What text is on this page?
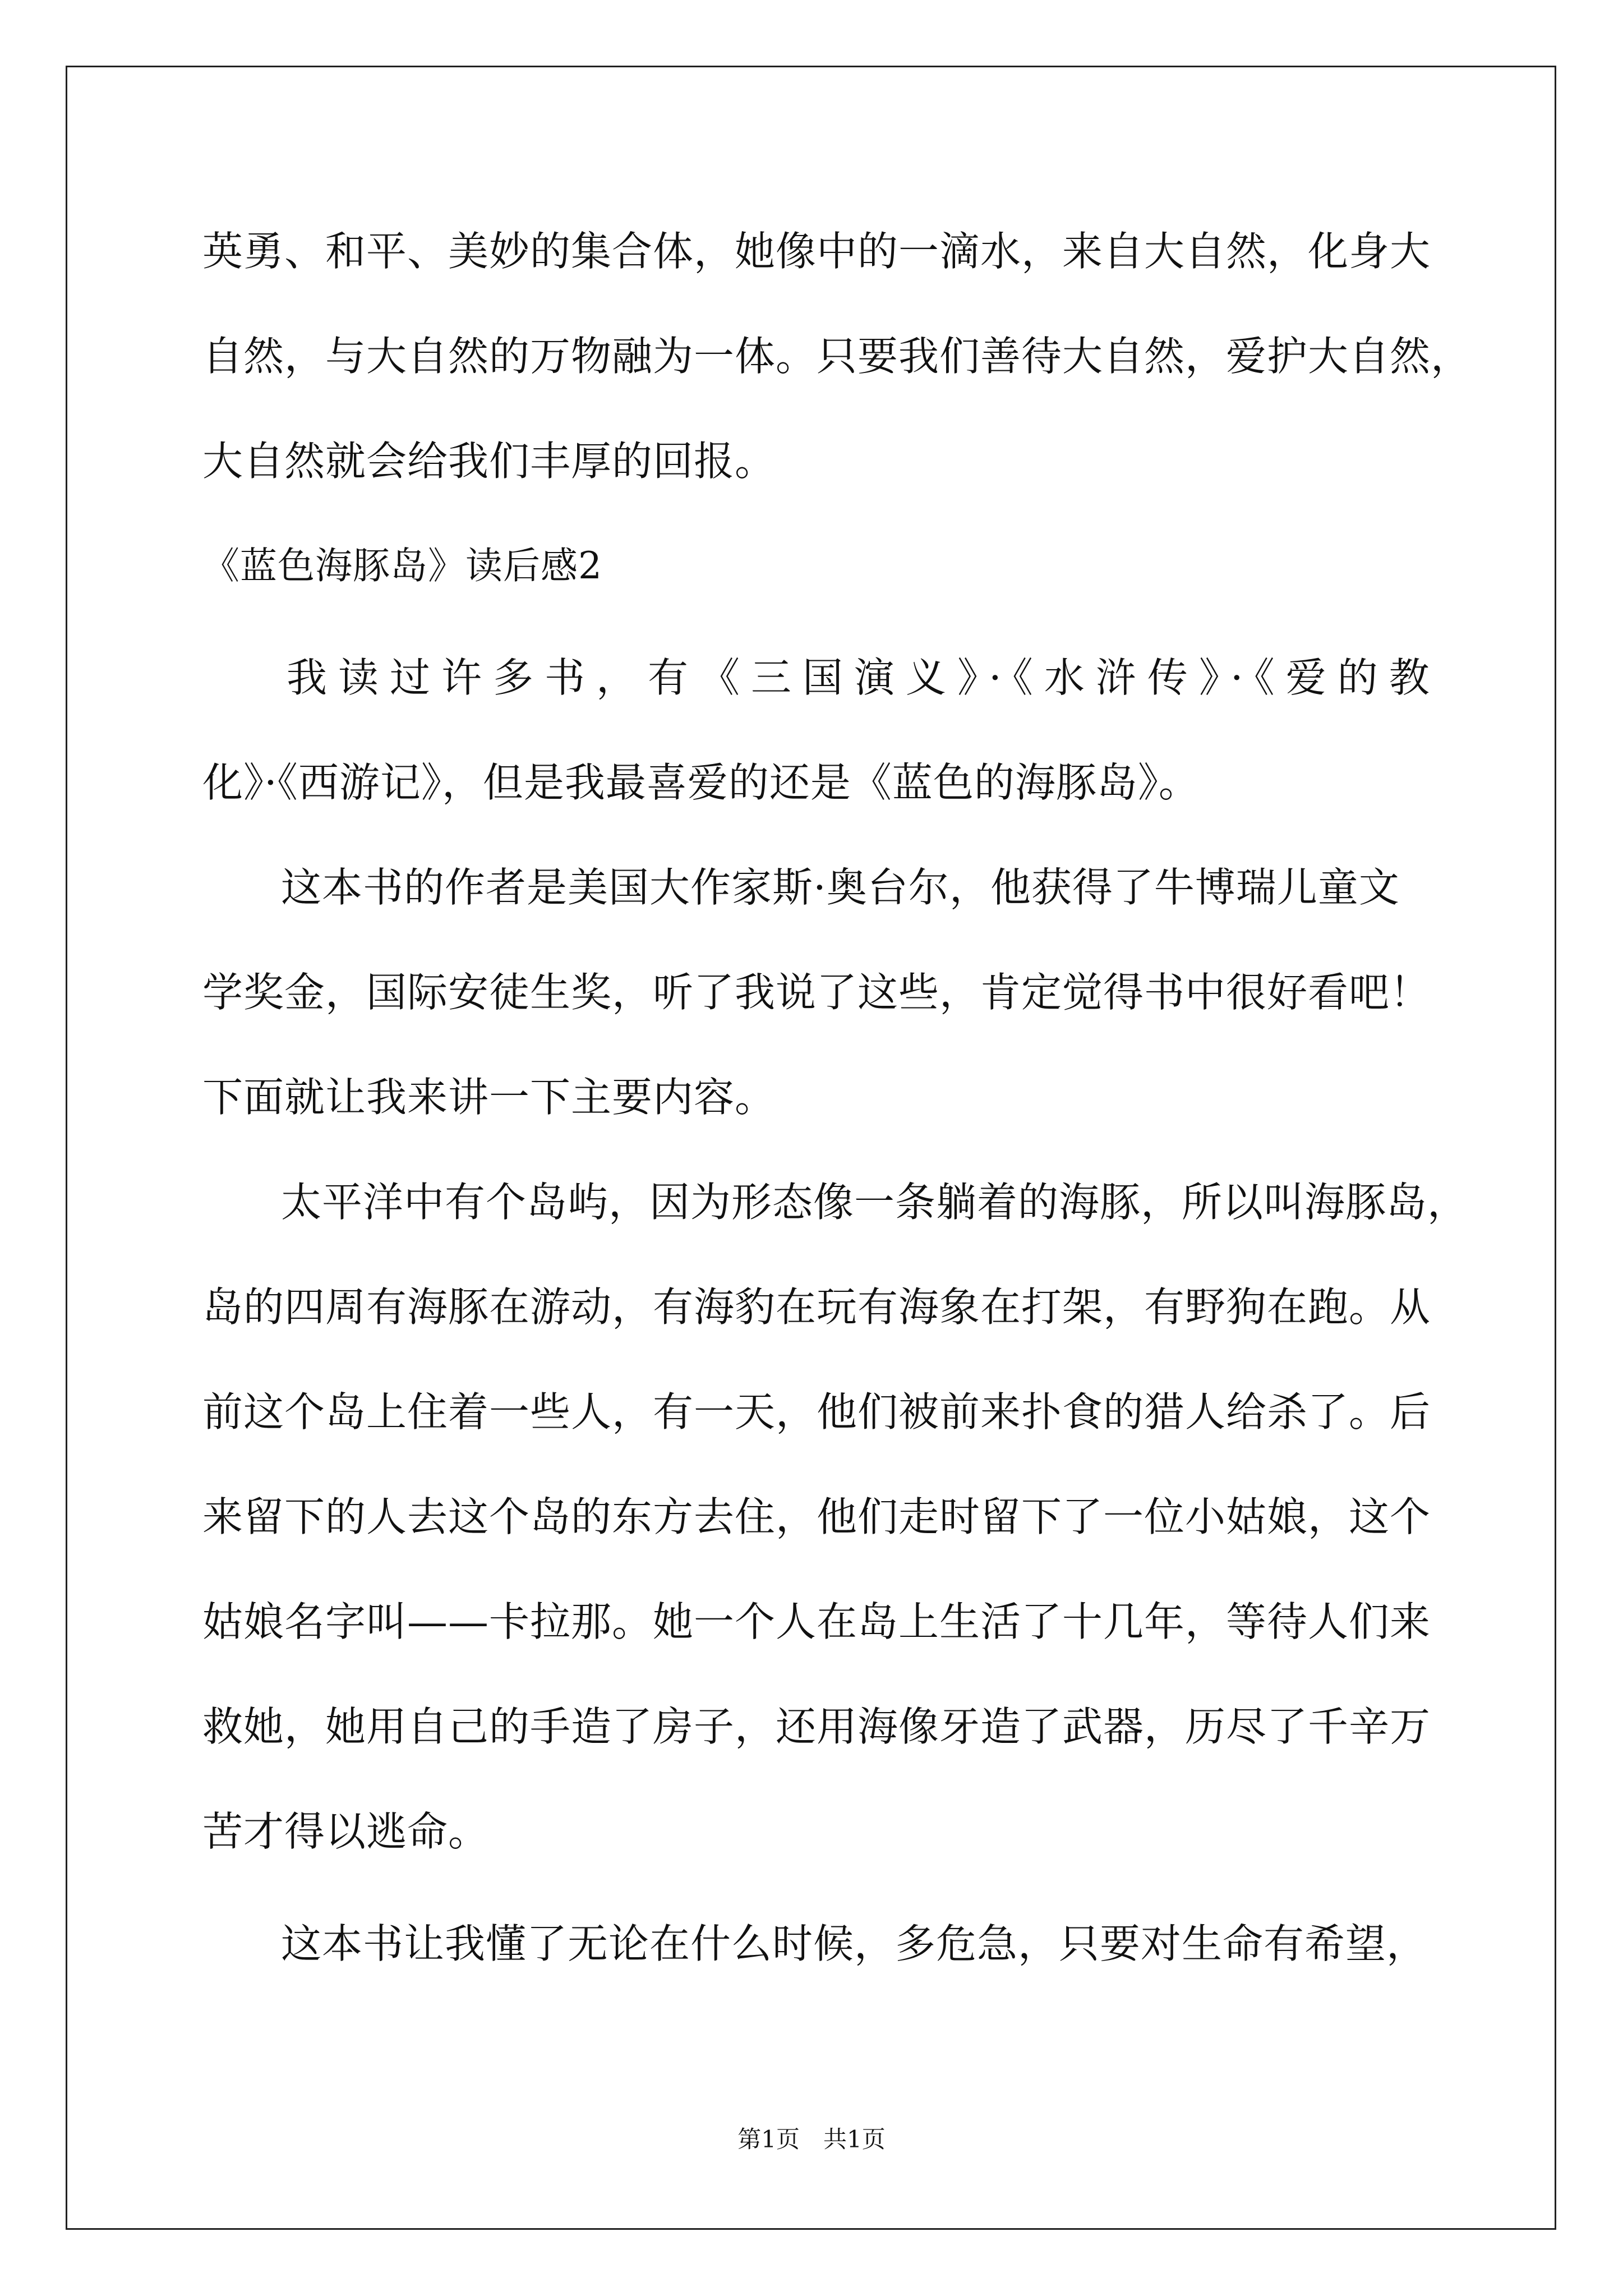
英勇、和平、美妙的集合体，她像中的一滴水，来自大自然，化身大
自然，与大自然的万物融为一体。只要我们善待大自然，爱护大自然，
大自然就会给我们丰厚的回报。
《蓝色海豚岛》读后感2
我读过许多书，有《三国演义》·《水浒传》·《爱的教
化》·《西游记》，但是我最喜爱的还是《蓝色的海豚岛》。
这本书的作者是美国大作家斯·奥台尔，他获得了牛博瑞儿童文
学奖金，国际安徒生奖，听了我说了这些，肯定觉得书中很好看吧！
下面就让我来讲一下主要内容。
太平洋中有个岛屿，因为形态像一条躺着的海豚，所以叫海豚岛，
岛的四周有海豚在游动，有海豹在玩有海象在打架，有野狗在跑。从
前这个岛上住着一些人，有一天，他们被前来扑食的猎人给杀了。后
来留下的人去这个岛的东方去住，他们走时留下了一位小姑娘，这个
姑娘名字叫——卡拉那。她一个人在岛上生活了十几年，等待人们来
救她，她用自己的手造了房子，还用海像牙造了武器，历尽了千辛万
苦才得以逃命。
这本书让我懂了无论在什么时候，多危急，只要对生命有希望，
第1页　共1页
